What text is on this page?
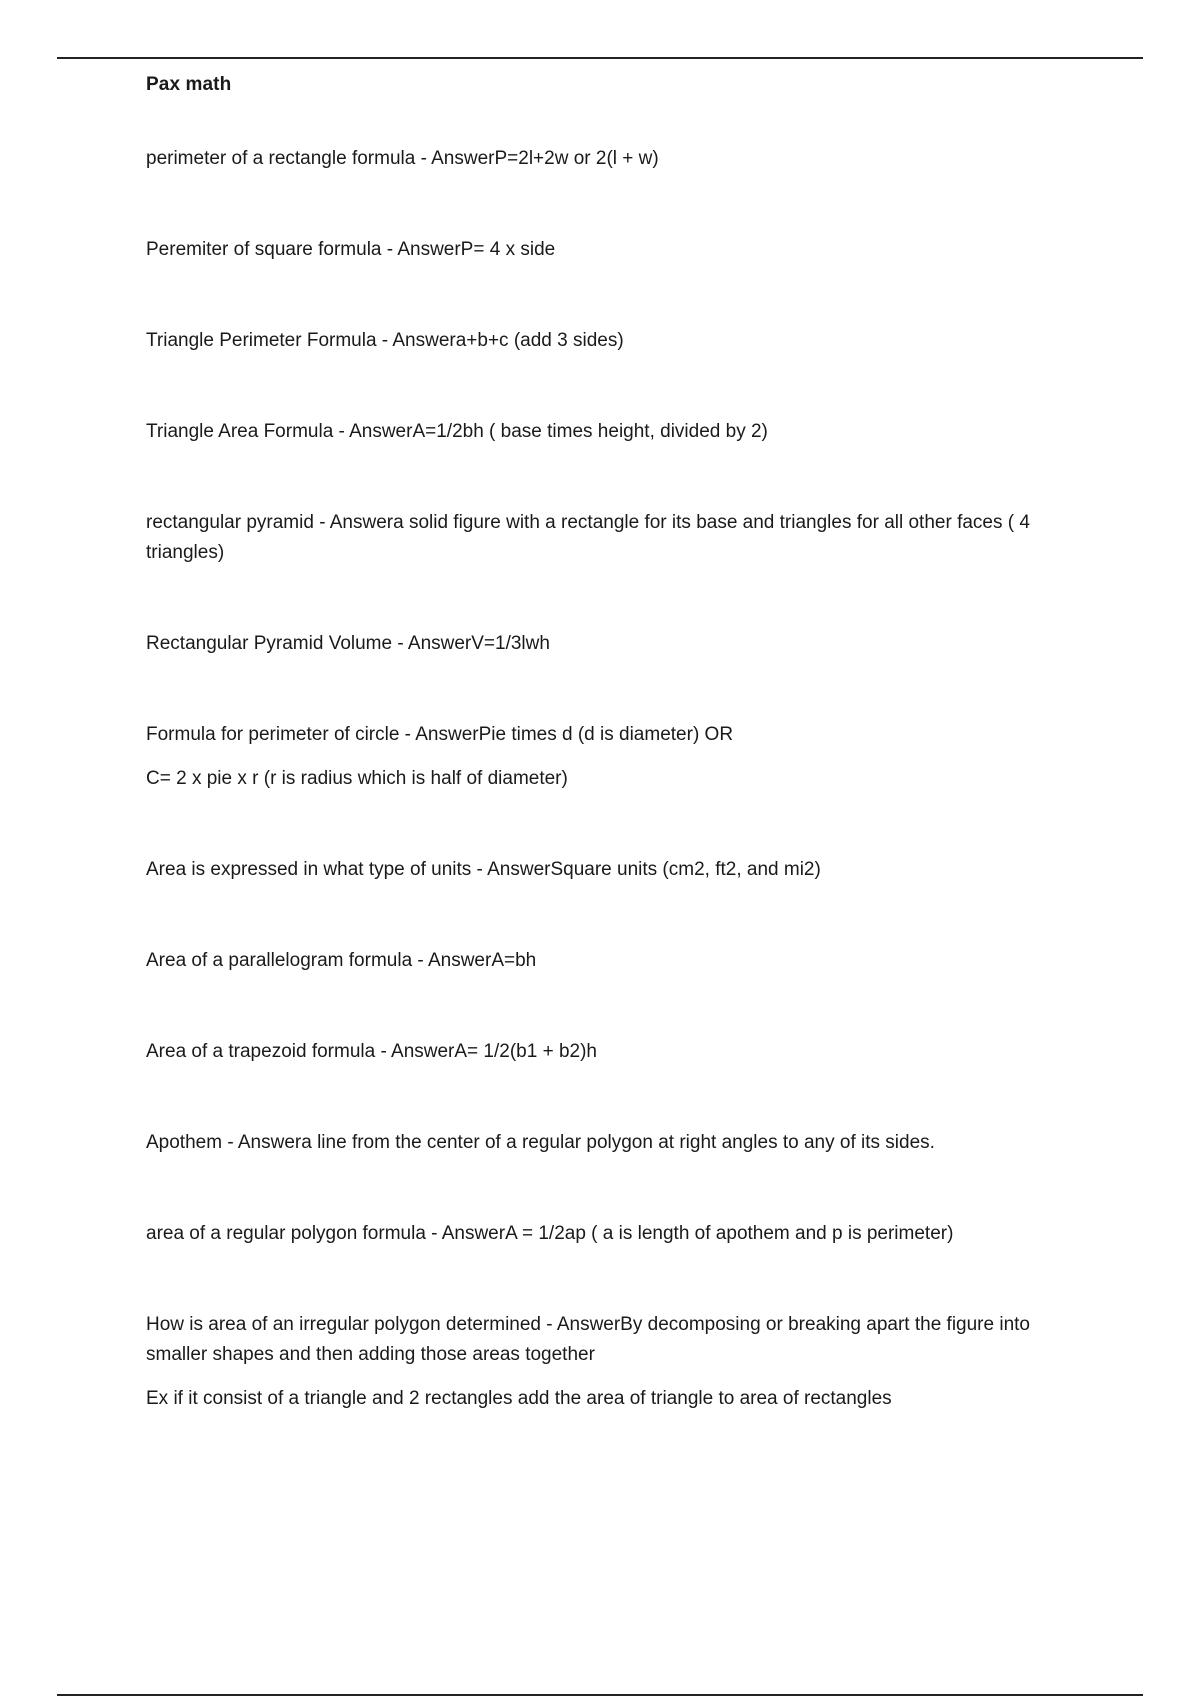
Pax math

perimeter of a rectangle formula - AnswerP=2l+2w or 2(l + w)

Peremiter of square formula - AnswerP= 4 x side

Triangle Perimeter Formula - Answera+b+c (add 3 sides)

Triangle Area Formula - AnswerA=1/2bh ( base times height, divided by 2)

rectangular pyramid - Answera solid figure with a rectangle for its base and triangles for all other faces ( 4 triangles)

Rectangular Pyramid Volume - AnswerV=1/3lwh

Formula for perimeter of circle - AnswerPie times d (d is diameter) OR

C= 2 x pie x r (r is radius which is half of diameter)

Area is expressed in what type of units - AnswerSquare units (cm2, ft2, and mi2)

Area of a parallelogram formula - AnswerA=bh

Area of a trapezoid formula - AnswerA= 1/2(b1 + b2)h

Apothem - Answera line from the center of a regular polygon at right angles to any of its sides.

area of a regular polygon formula - AnswerA = 1/2ap ( a is length of apothem and p is perimeter)

How is area of an irregular polygon determined - AnswerBy decomposing or breaking apart the figure into smaller shapes and then adding those areas together

Ex if it consist of a triangle and 2 rectangles add the area of triangle to area of rectangles
